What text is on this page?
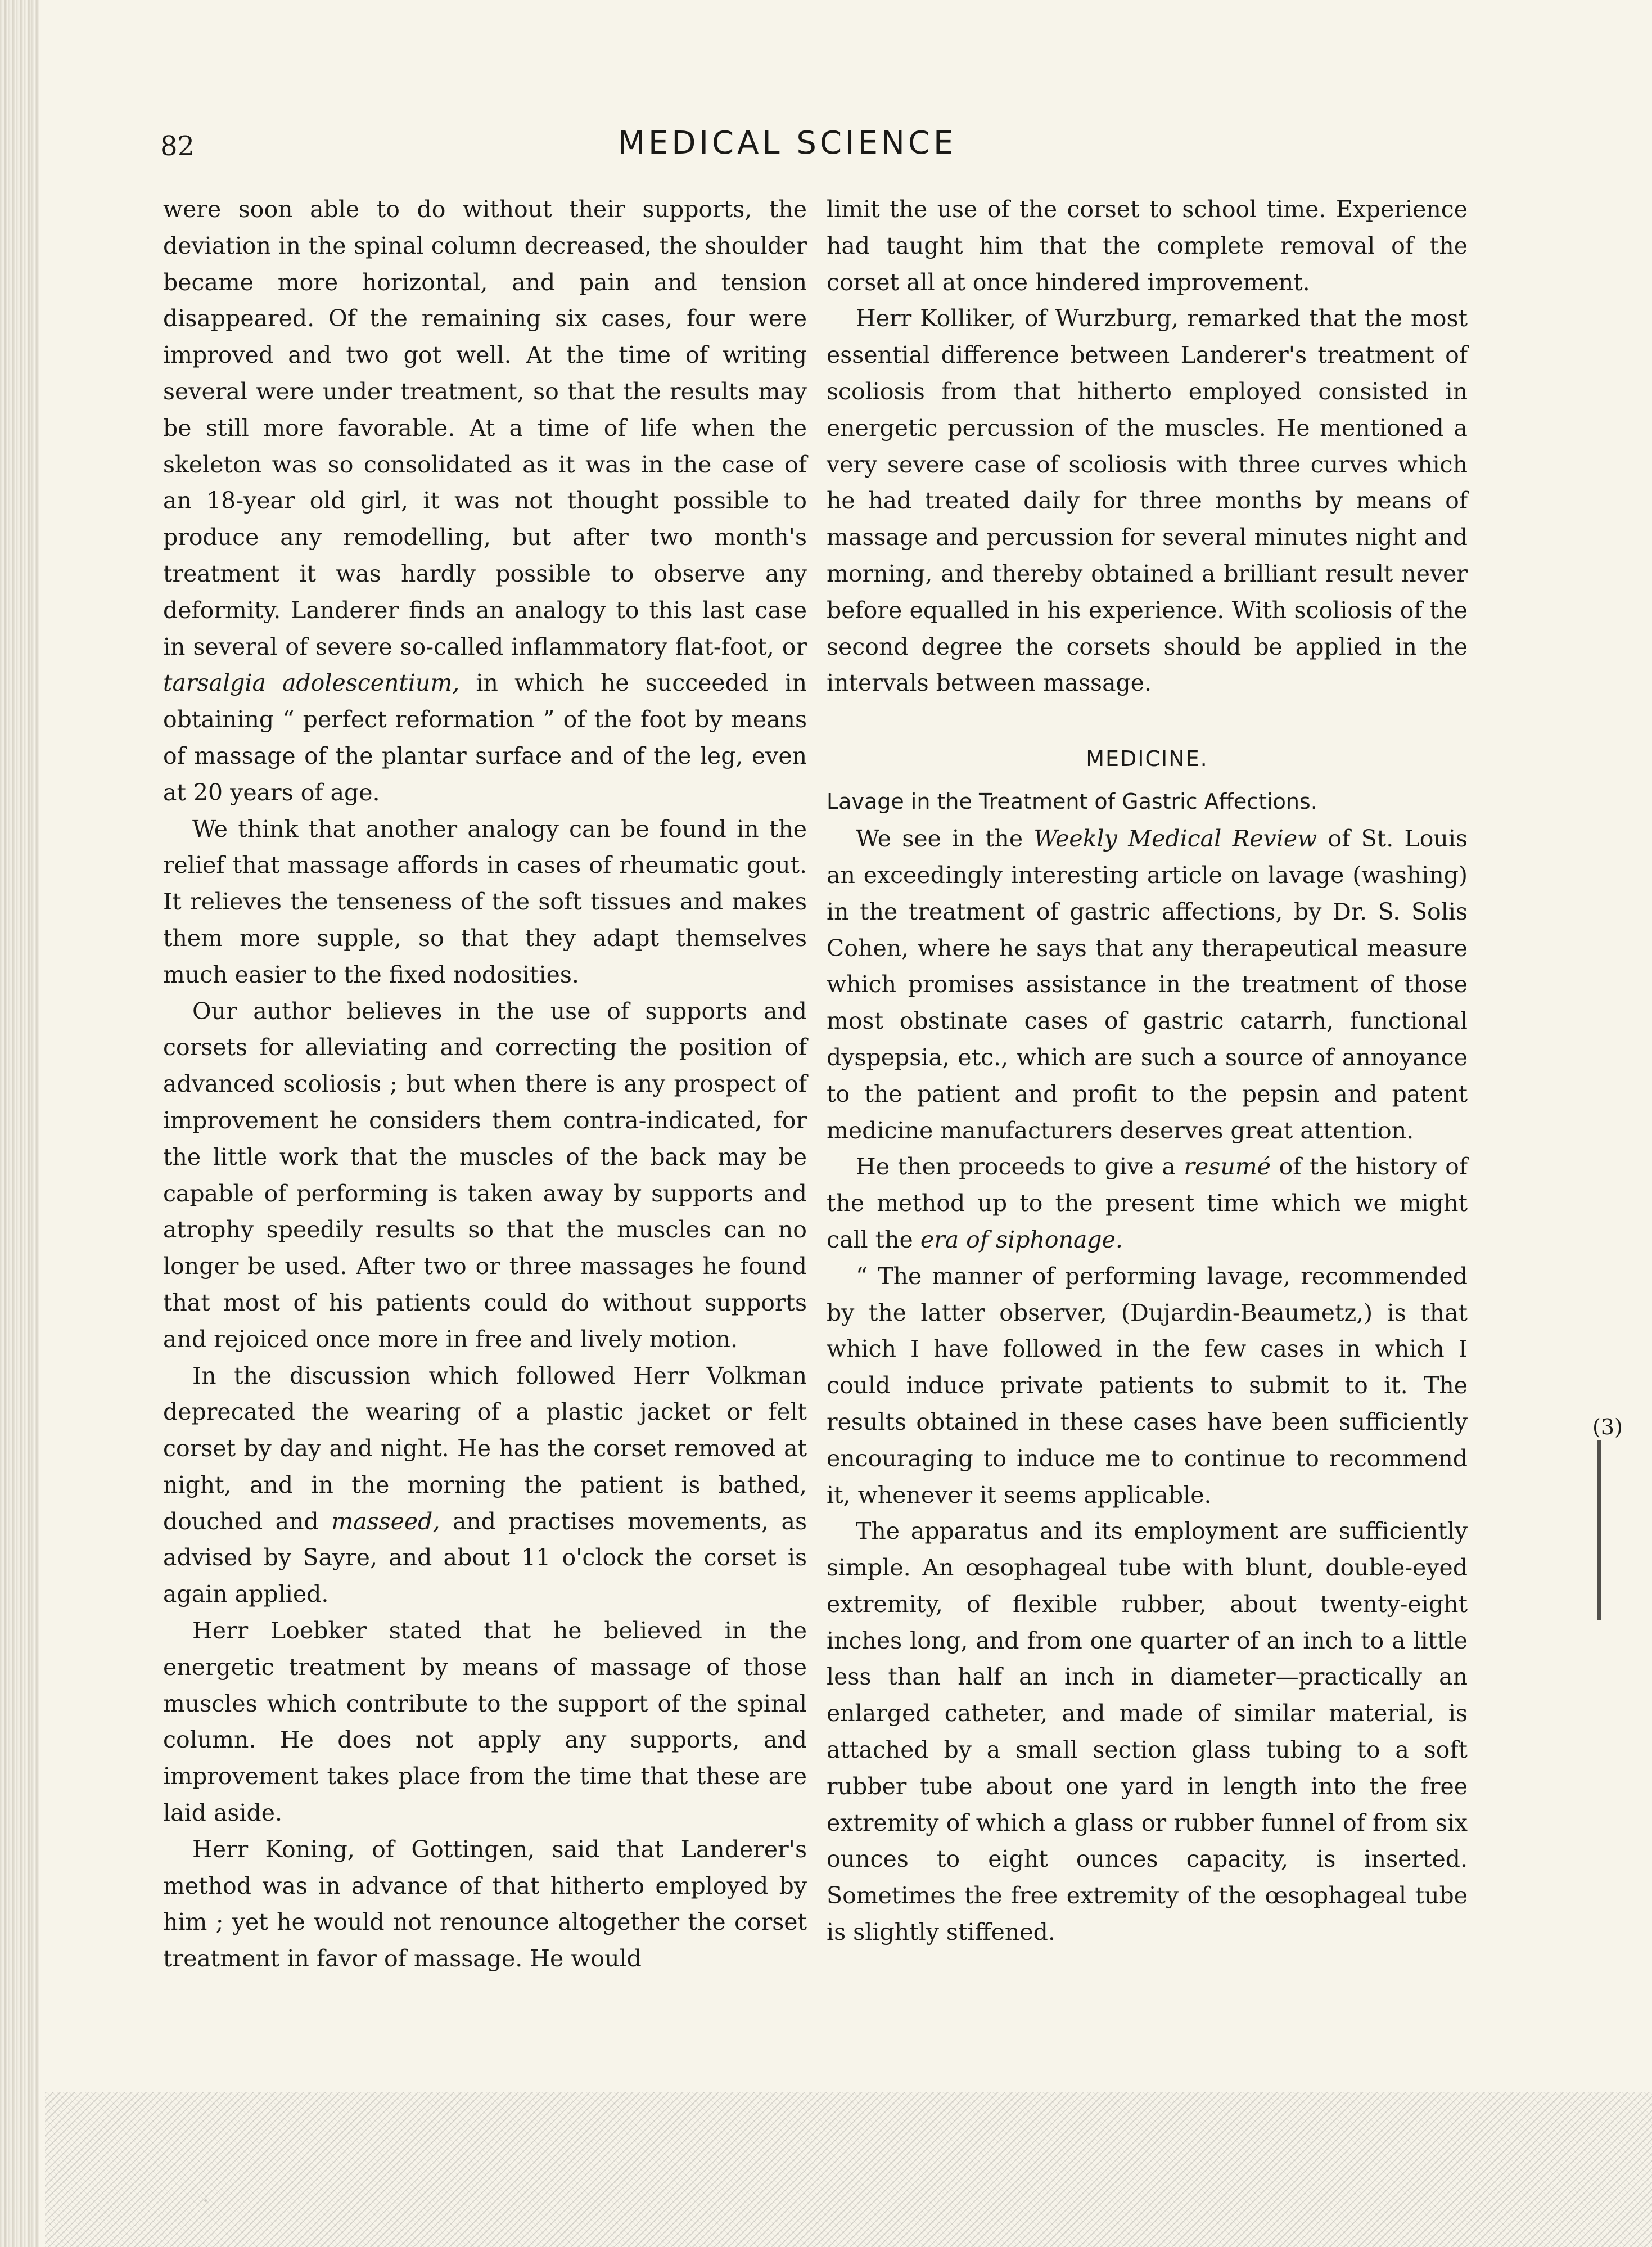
(3)
82	MEDICAL SCIENCE

were soon able to do without their supports, the deviation in the spinal column decreased, the shoulder became more horizontal, and pain and tension disappeared. Of the remaining six cases, four were improved and two got well. At the time of writing several were under treatment, so that the results may be still more favorable. At a time of life when the skeleton was so consolidated as it was in the case of an 18-year old girl, it was not thought possible to produce any remodelling, but after two month's treatment it was hardly possible to observe any deformity. Landerer finds an analogy to this last case in several of severe so-called inflammatory flat-foot, or tarsalgia adolescentium, in which he succeeded in obtaining “ perfect reformation ” of the foot by means of massage of the plantar surface and of the leg, even at 20 years of age.

We think that another analogy can be found in the relief that massage affords in cases of rheumatic gout. It relieves the tenseness of the soft tissues and makes them more supple, so that they adapt themselves much easier to the fixed nodosities.

Our author believes in the use of supports and corsets for alleviating and correcting the position of advanced scoliosis ; but when there is any prospect of improvement he considers them contra-indicated, for the little work that the muscles of the back may be capable of performing is taken away by supports and atrophy speedily results so that the muscles can no longer be used. After two or three massages he found that most of his patients could do without supports and rejoiced once more in free and lively motion.

In the discussion which followed Herr Volkman deprecated the wearing of a plastic jacket or felt corset by day and night. He has the corset removed at night, and in the morning the patient is bathed, douched and masseed, and practises movements, as advised by Sayre, and about 11 o'clock the corset is again applied.

Herr Loebker stated that he believed in the energetic treatment by means of massage of those muscles which contribute to the support of the spinal column. He does not apply any supports, and improvement takes place from the time that these are laid aside.

Herr Koning, of Gottingen, said that Landerer's method was in advance of that hitherto employed by him ; yet he would not renounce altogether the corset treatment in favor of massage. He would

limit the use of the corset to school time. Experience had taught him that the complete removal of the corset all at once hindered improvement.

Herr Kolliker, of Wurzburg, remarked that the most essential difference between Landerer's treatment of scoliosis from that hitherto employed consisted in energetic percussion of the muscles. He mentioned a very severe case of scoliosis with three curves which he had treated daily for three months by means of massage and percussion for several minutes night and morning, and thereby obtained a brilliant result never before equalled in his experience. With scoliosis of the second degree the corsets should be applied in the intervals between massage.

MEDICINE.
Lavage in the Treatment of Gastric Affections.

We see in the Weekly Medical Review of St. Louis an exceedingly interesting article on lavage (washing) in the treatment of gastric affections, by Dr. S. Solis Cohen, where he says that any therapeutical measure which promises assistance in the treatment of those most obstinate cases of gastric catarrh, functional dyspepsia, etc., which are such a source of annoyance to the patient and profit to the pepsin and patent medicine manufacturers deserves great attention.

He then proceeds to give a resumé of the history of the method up to the present time which we might call the era of siphonage.

“ The manner of performing lavage, recommended by the latter observer, (Dujardin-Beaumetz,) is that which I have followed in the few cases in which I could induce private patients to submit to it. The results obtained in these cases have been sufficiently encouraging to induce me to continue to recommend it, whenever it seems applicable.

The apparatus and its employment are sufficiently simple. An œsophageal tube with blunt, double-eyed extremity, of flexible rubber, about twenty-eight inches long, and from one quarter of an inch to a little less than half an inch in diameter—practically an enlarged catheter, and made of similar material, is attached by a small section glass tubing to a soft rubber tube about one yard in length into the free extremity of which a glass or rubber funnel of from six ounces to eight ounces capacity, is inserted. Sometimes the free extremity of the œsophageal tube is slightly stiffened.
